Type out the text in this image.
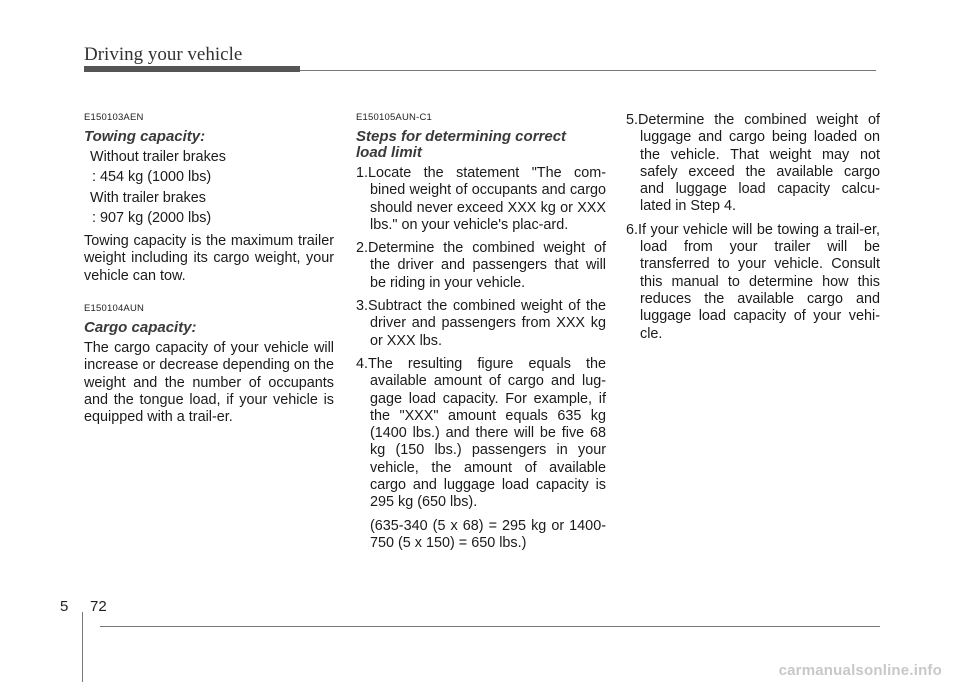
Driving your vehicle
E150103AEN
Towing capacity:
Without trailer brakes
: 454 kg (1000 lbs)
With trailer brakes
: 907 kg (2000 lbs)
Towing capacity is the maximum trailer weight including its cargo weight, your vehicle can tow.
E150104AUN
Cargo capacity:
The cargo capacity of your vehicle will increase or decrease depending on the weight and the number of occupants and the tongue load, if your vehicle is equipped with a trail-er.
E150105AUN-C1
Steps for determining correct load limit
1.Locate the statement "The com-bined weight of occupants and cargo should never exceed XXX kg or XXX lbs." on your vehicle's plac-ard.
2.Determine the combined weight of the driver and passengers that will be riding in your vehicle.
3.Subtract the combined weight of the driver and passengers from XXX kg or XXX lbs.
4.The resulting figure equals the available amount of cargo and lug-gage load capacity. For example, if the "XXX" amount equals 635 kg (1400 lbs.) and there will be five 68 kg (150 lbs.) passengers in your vehicle, the amount of available cargo and luggage load capacity is 295 kg (650 lbs).
(635-340 (5 x 68) = 295 kg or 1400-750 (5 x 150) = 650 lbs.)
5.Determine the combined weight of luggage and cargo being loaded on the vehicle. That weight may not safely exceed the available cargo and luggage load capacity calcu-lated in Step 4.
6.If your vehicle will be towing a trail-er, load from your trailer will be transferred to your vehicle. Consult this manual to determine how this reduces the available cargo and luggage load capacity of your vehi-cle.
5 72
carmanualsonline.info
